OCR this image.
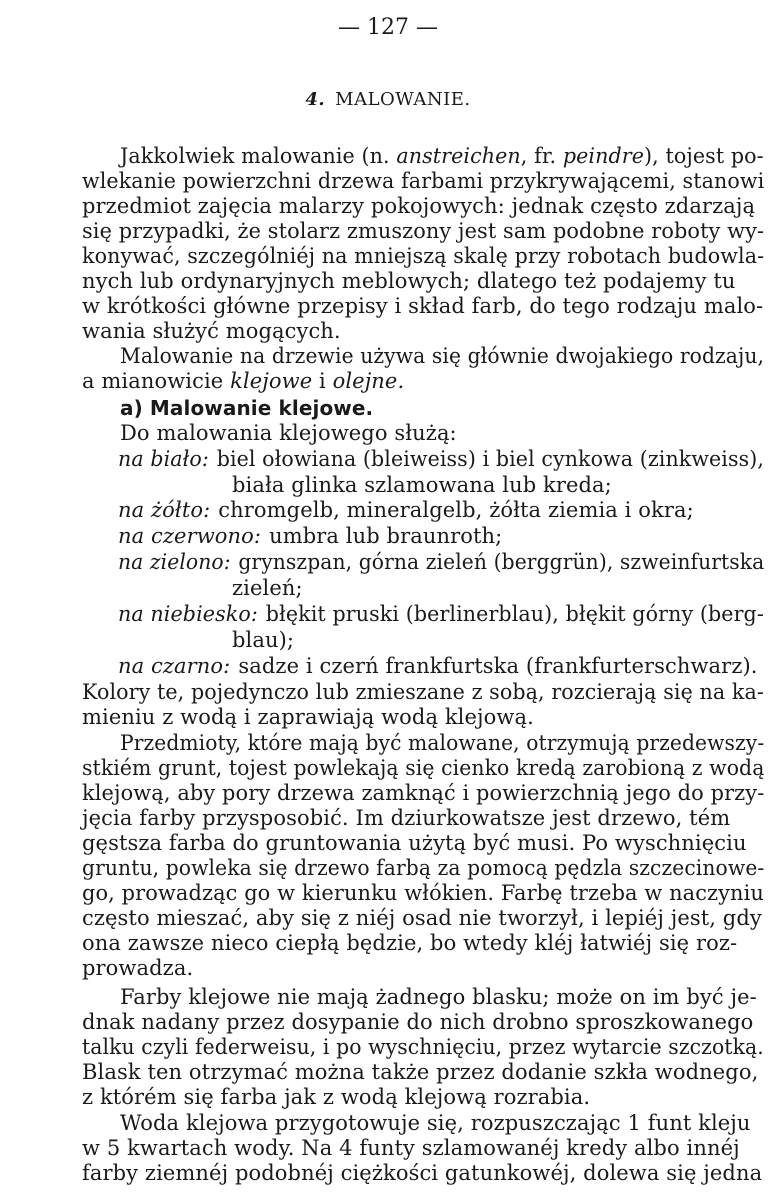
— 127 —
4. MALOWANIE.
Jakkolwiek malowanie (n. anstreichen, fr. peindre), tojest po-
wlekanie powierzchni drzewa farbami przykrywającemi, stanowi
przedmiot zajęcia malarzy pokojowych: jednak często zdarzają
się przypadki, że stolarz zmuszony jest sam podobne roboty wy-
konywać, szczególniéj na mniejszą skalę przy robotach budowla-
nych lub ordynaryjnych meblowych; dlatego też podajemy tu
w krótkości główne przepisy i skład farb, do tego rodzaju malo-
wania służyć mogących.
Malowanie na drzewie używa się głównie dwojakiego rodzaju,
a mianowicie klejowe i olejne.
a) Malowanie klejowe.
Do malowania klejowego służą:
na biało: biel ołowiana (bleiweiss) i biel cynkowa (zinkweiss),
biała glinka szlamowana lub kreda;
na żółto: chromgelb, mineralgelb, żółta ziemia i okra;
na czerwono: umbra lub braunroth;
na zielono: grynszpan, górna zieleń (berggrün), szweinfurtska
zieleń;
na niebiesko: błękit pruski (berlinerblau), błękit górny (berg-
blau);
na czarno: sadze i czerń frankfurtska (frankfurterschwarz).
Kolory te, pojedynczo lub zmieszane z sobą, rozcierają się na ka-
mieniu z wodą i zaprawiają wodą klejową.
Przedmioty, które mają być malowane, otrzymują przedewszy-
stkiém grunt, tojest powlekają się cienko kredą zarobioną z wodą
klejową, aby pory drzewa zamknąć i powierzchnią jego do przy-
jęcia farby przysposobić. Im dziurkowatsze jest drzewo, tém
gęstsza farba do gruntowania użytą być musi. Po wyschnięciu
gruntu, powleka się drzewo farbą za pomocą pędzla szczecinowe-
go, prowadząc go w kierunku włókien. Farbę trzeba w naczyniu
często mieszać, aby się z niéj osad nie tworzył, i lepiéj jest, gdy
ona zawsze nieco ciepłą będzie, bo wtedy kléj łatwiéj się roz-
prowadza.
Farby klejowe nie mają żadnego blasku; może on im być je-
dnak nadany przez dosypanie do nich drobno sproszkowanego
talku czyli federweisu, i po wyschnięciu, przez wytarcie szczotką.
Blask ten otrzymać można także przez dodanie szkła wodnego,
z którém się farba jak z wodą klejową rozrabia.
Woda klejowa przygotowuje się, rozpuszczając 1 funt kleju
w 5 kwartach wody. Na 4 funty szlamowanéj kredy albo innéj
farby ziemnéj podobnéj ciężkości gatunkowéj, dolewa się jedna
